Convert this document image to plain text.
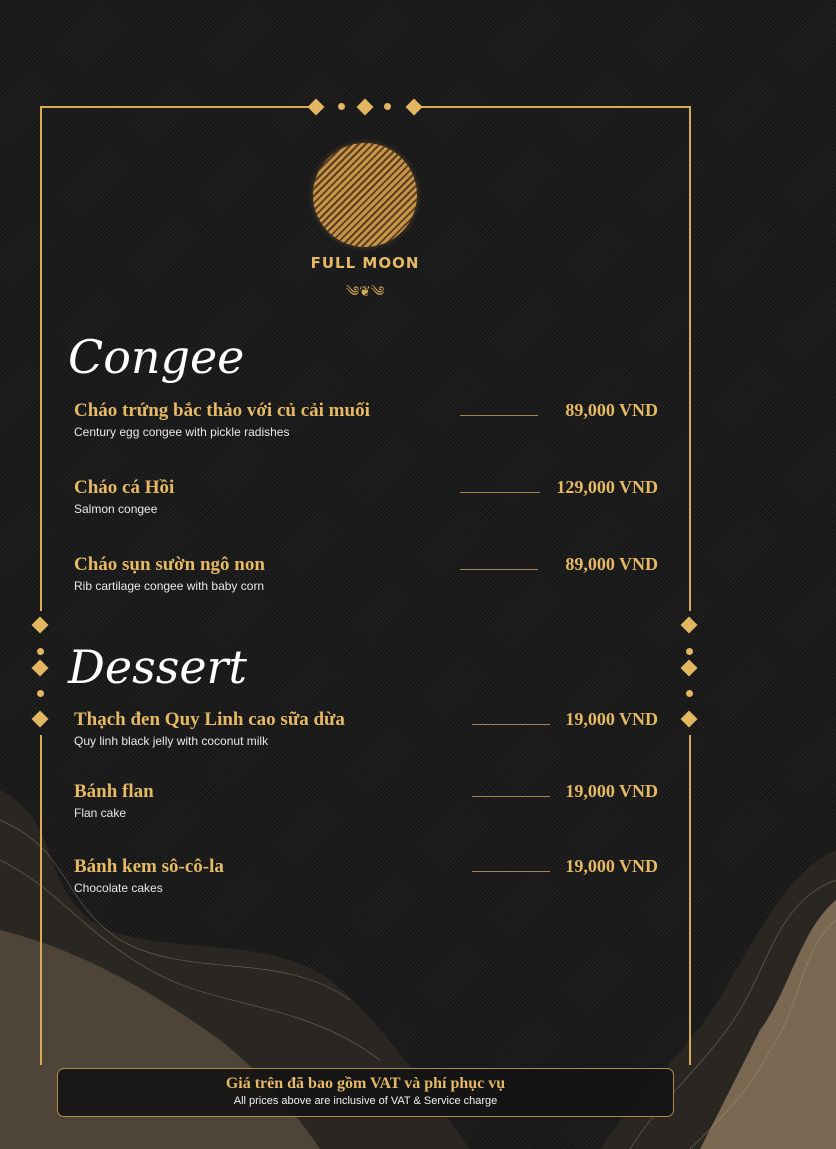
FULL MOON
༄❦༄
Congee
Cháo trứng bắc thảo với củ cải muối
Century egg congee with pickle radishes
89,000 VND
Cháo cá Hồi
Salmon congee
129,000 VND
Cháo sụn sườn ngô non
Rib cartilage congee with baby corn
89,000 VND
Dessert
Thạch đen Quy Linh cao sữa dừa
Quy linh black jelly with coconut milk
19,000 VND
Bánh flan
Flan cake
19,000 VND
Bánh kem sô-cô-la
Chocolate cakes
19,000 VND
Giá trên đã bao gồm VAT và phí phục vụ
All prices above are inclusive of VAT & Service charge
